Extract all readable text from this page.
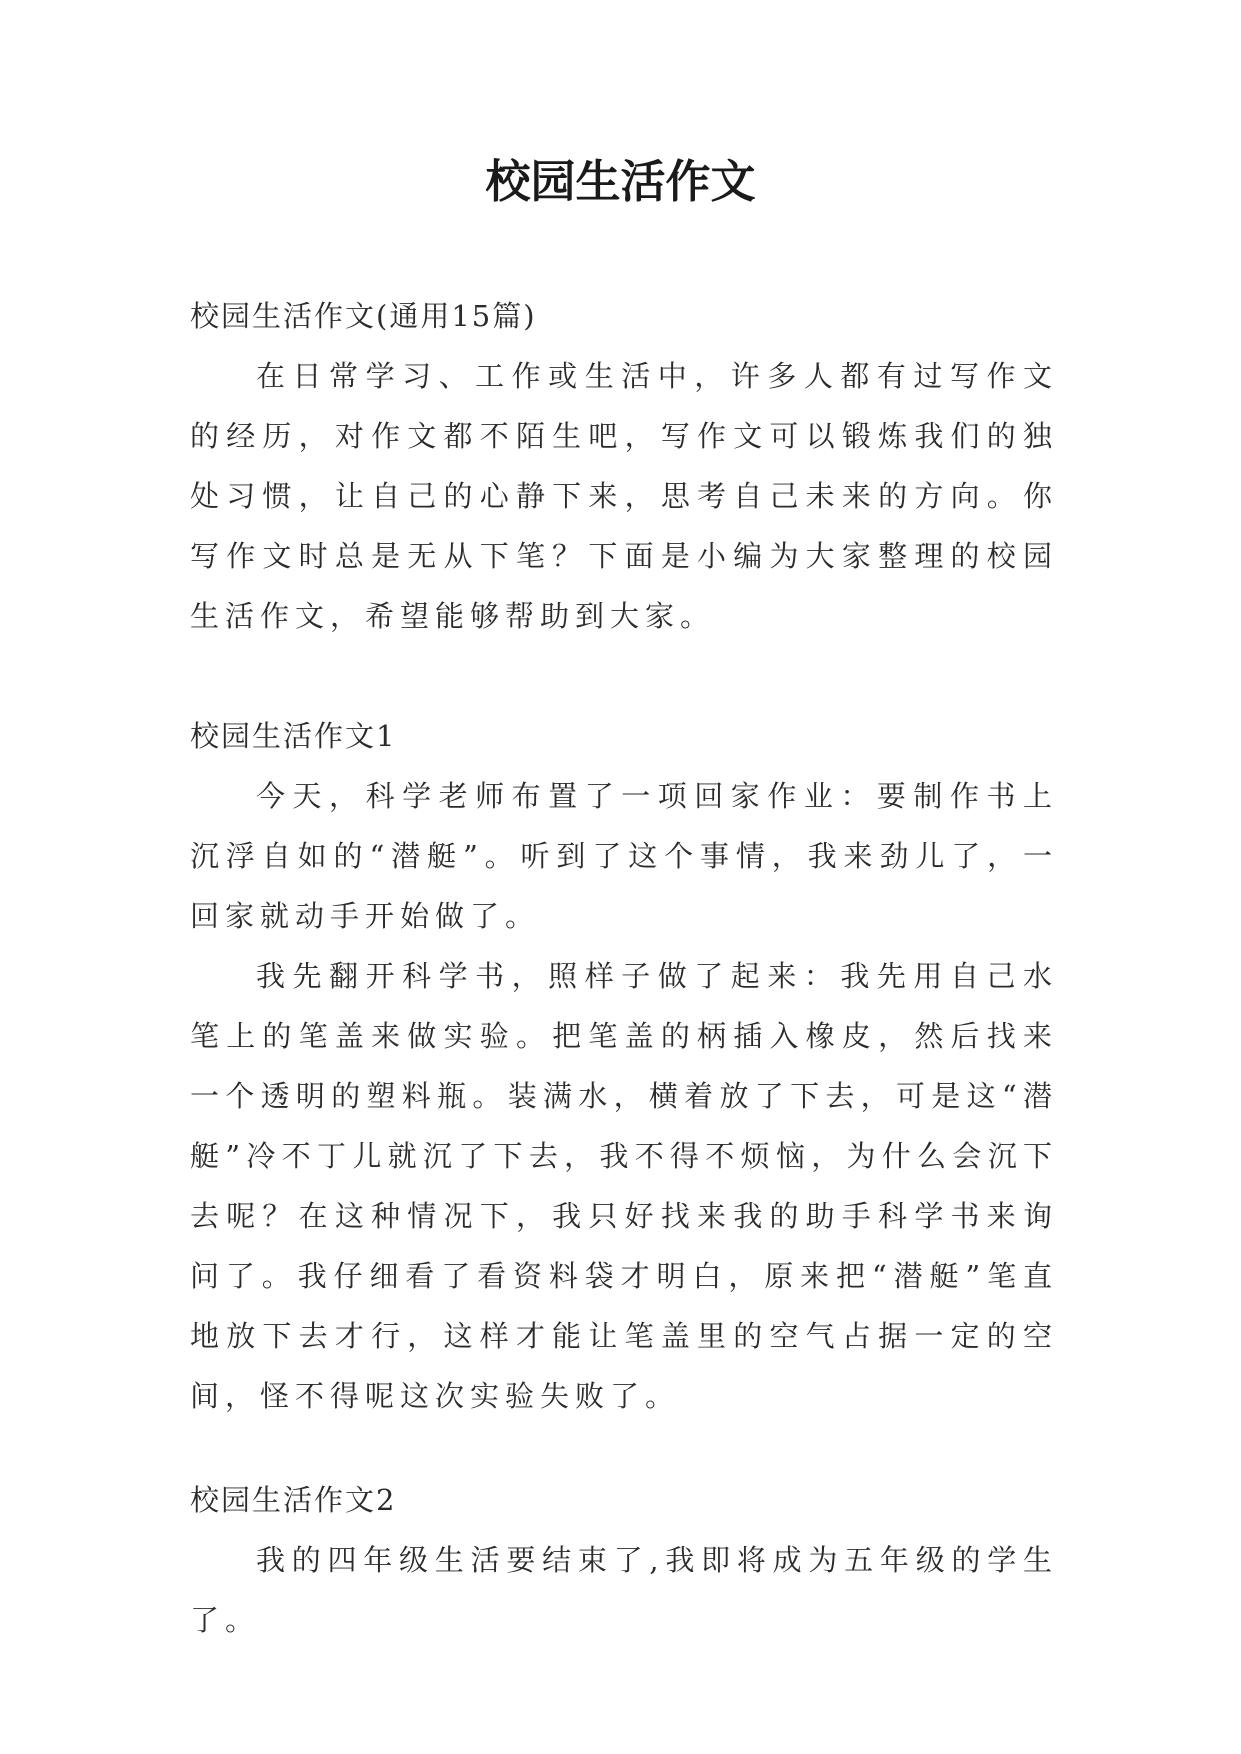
校园生活作文

校园生活作文(通用15篇)

在日常学习、工作或生活中，许多人都有过写作文的经历，对作文都不陌生吧，写作文可以锻炼我们的独处习惯，让自己的心静下来，思考自己未来的方向。你写作文时总是无从下笔？下面是小编为大家整理的校园生活作文，希望能够帮助到大家。

校园生活作文1

今天，科学老师布置了一项回家作业：要制作书上沉浮自如的“潜艇”。听到了这个事情，我来劲儿了，一回家就动手开始做了。

我先翻开科学书，照样子做了起来：我先用自己水笔上的笔盖来做实验。把笔盖的柄插入橡皮，然后找来一个透明的塑料瓶。装满水，横着放了下去，可是这“潜艇”冷不丁儿就沉了下去，我不得不烦恼，为什么会沉下去呢？在这种情况下，我只好找来我的助手科学书来询问了。我仔细看了看资料袋才明白，原来把“潜艇”笔直地放下去才行，这样才能让笔盖里的空气占据一定的空间，怪不得呢这次实验失败了。

校园生活作文2

我的四年级生活要结束了,我即将成为五年级的学生了。
